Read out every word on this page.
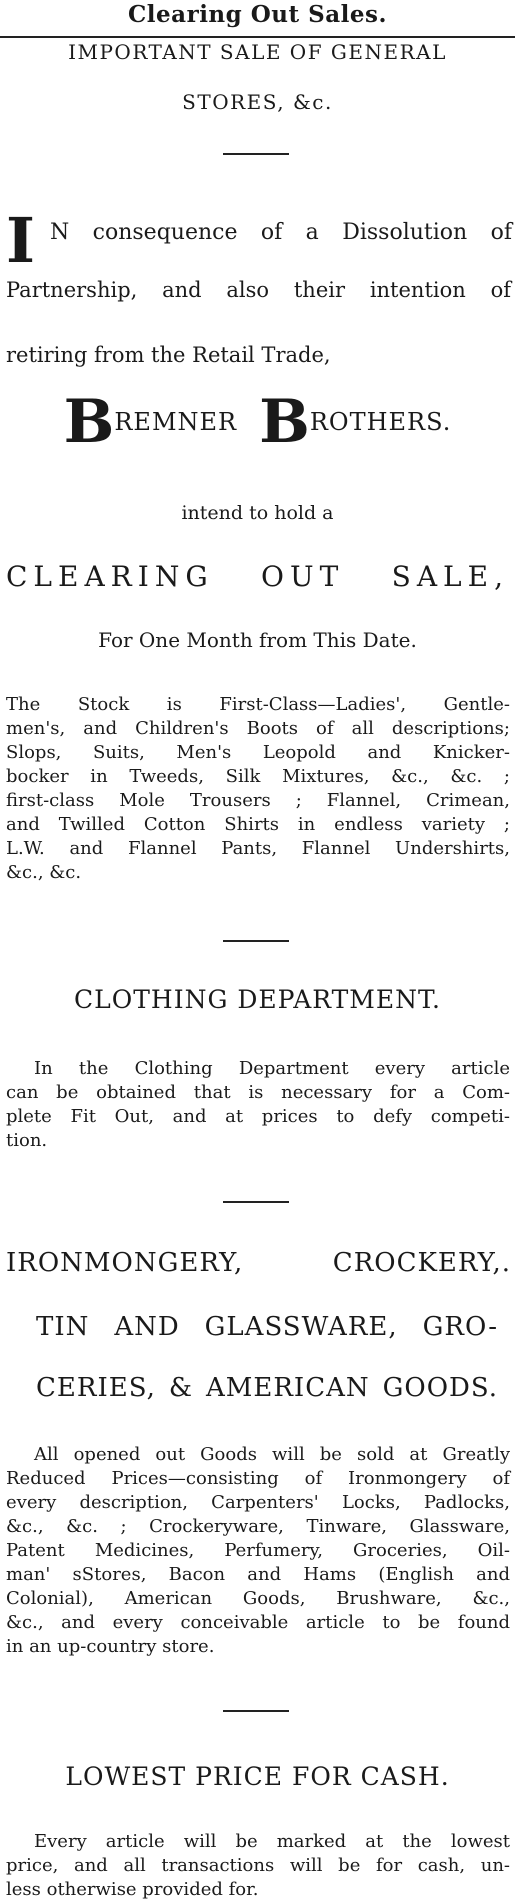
Clearing Out Sales.
IMPORTANT SALE OF GENERAL
STORES, &c.
I N consequence of a Dissolution of
Partnership, and also their intention of
retiring from the Retail Trade,
BREMNER BROTHERS.
intend to hold a
CLEARING OUT SALE,
For One Month from This Date.
The Stock is First-Class—Ladies', Gentle-
men's, and Children's Boots of all descriptions;
Slops, Suits, Men's Leopold and Knicker-
bocker in Tweeds, Silk Mixtures, &c., &c. ;
first-class Mole Trousers ; Flannel, Crimean,
and Twilled Cotton Shirts in endless variety ;
L.W. and Flannel Pants, Flannel Undershirts,
&c., &c.
CLOTHING DEPARTMENT.
In the Clothing Department every article
can be obtained that is necessary for a Com-
plete Fit Out, and at prices to defy competi-
tion.
IRONMONGERY, CROCKERY,.
TIN AND GLASSWARE, GRO-
CERIES, & AMERICAN GOODS.
All opened out Goods will be sold at Greatly
Reduced Prices—consisting of Ironmongery of
every description, Carpenters' Locks, Padlocks,
&c., &c. ; Crockeryware, Tinware, Glassware,
Patent Medicines, Perfumery, Groceries, Oil-
man' sStores, Bacon and Hams (English and
Colonial), American Goods, Brushware, &c.,
&c., and every conceivable article to be found
in an up-country store.
LOWEST PRICE FOR CASH.
Every article will be marked at the lowest
price, and all transactions will be for cash, un-
less otherwise provided for.
